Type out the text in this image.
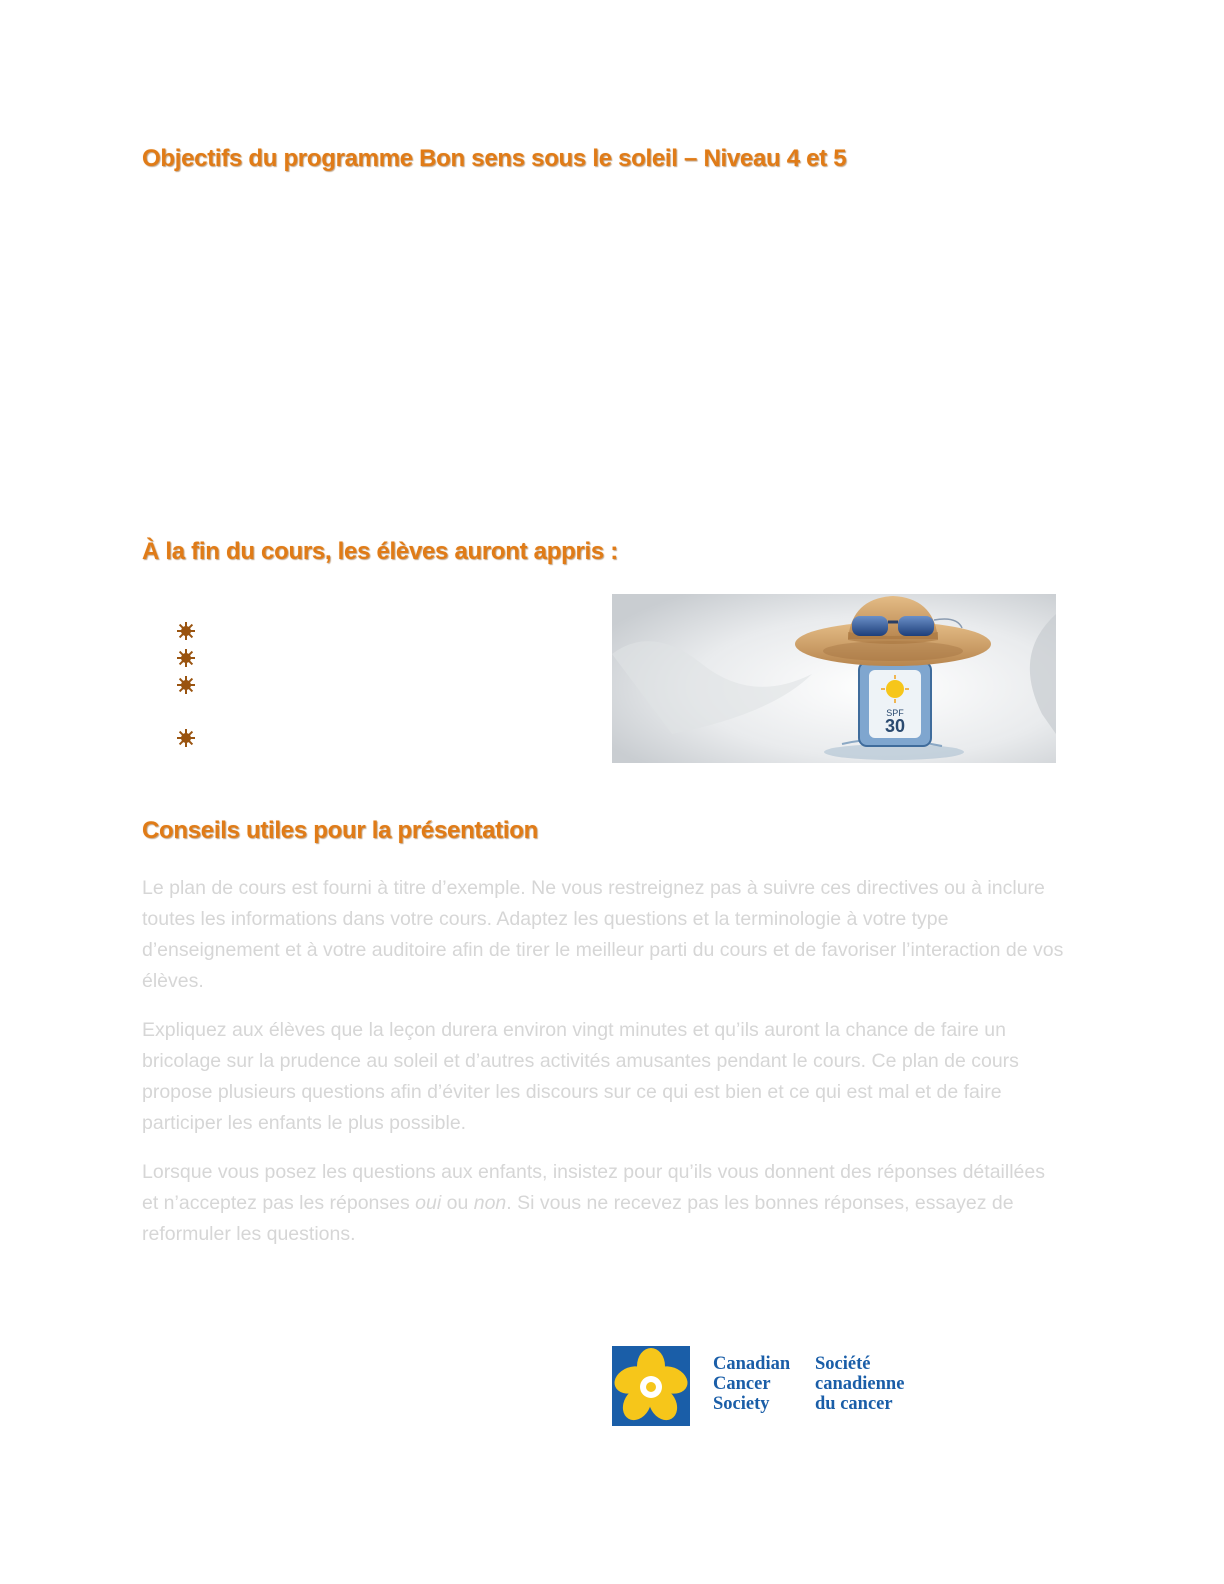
Objectifs du programme Bon sens sous le soleil – Niveau 4 et 5
À la fin du cours, les élèves auront appris :
SPF
30
Conseils utiles pour la présentation

Le plan de cours est fourni à titre d’exemple. Ne vous restreignez pas à suivre ces directives ou à inclure toutes les informations dans votre cours. Adaptez les questions et la terminologie à votre type d’enseignement et à votre auditoire afin de tirer le meilleur parti du cours et de favoriser l’interaction de vos élèves.

Expliquez aux élèves que la leçon durera environ vingt minutes et qu’ils auront la chance de faire un bricolage sur la prudence au soleil et d’autres activités amusantes pendant le cours. Ce plan de cours propose plusieurs questions afin d’éviter les discours sur ce qui est bien et ce qui est mal et de faire participer les enfants le plus possible.

Lorsque vous posez les questions aux enfants, insistez pour qu’ils vous donnent des réponses détaillées et n’acceptez pas les réponses oui ou non. Si vous ne recevez pas les bonnes réponses, essayez de reformuler les questions.

Canadian
Cancer
Society
Société
canadienne
du cancer
